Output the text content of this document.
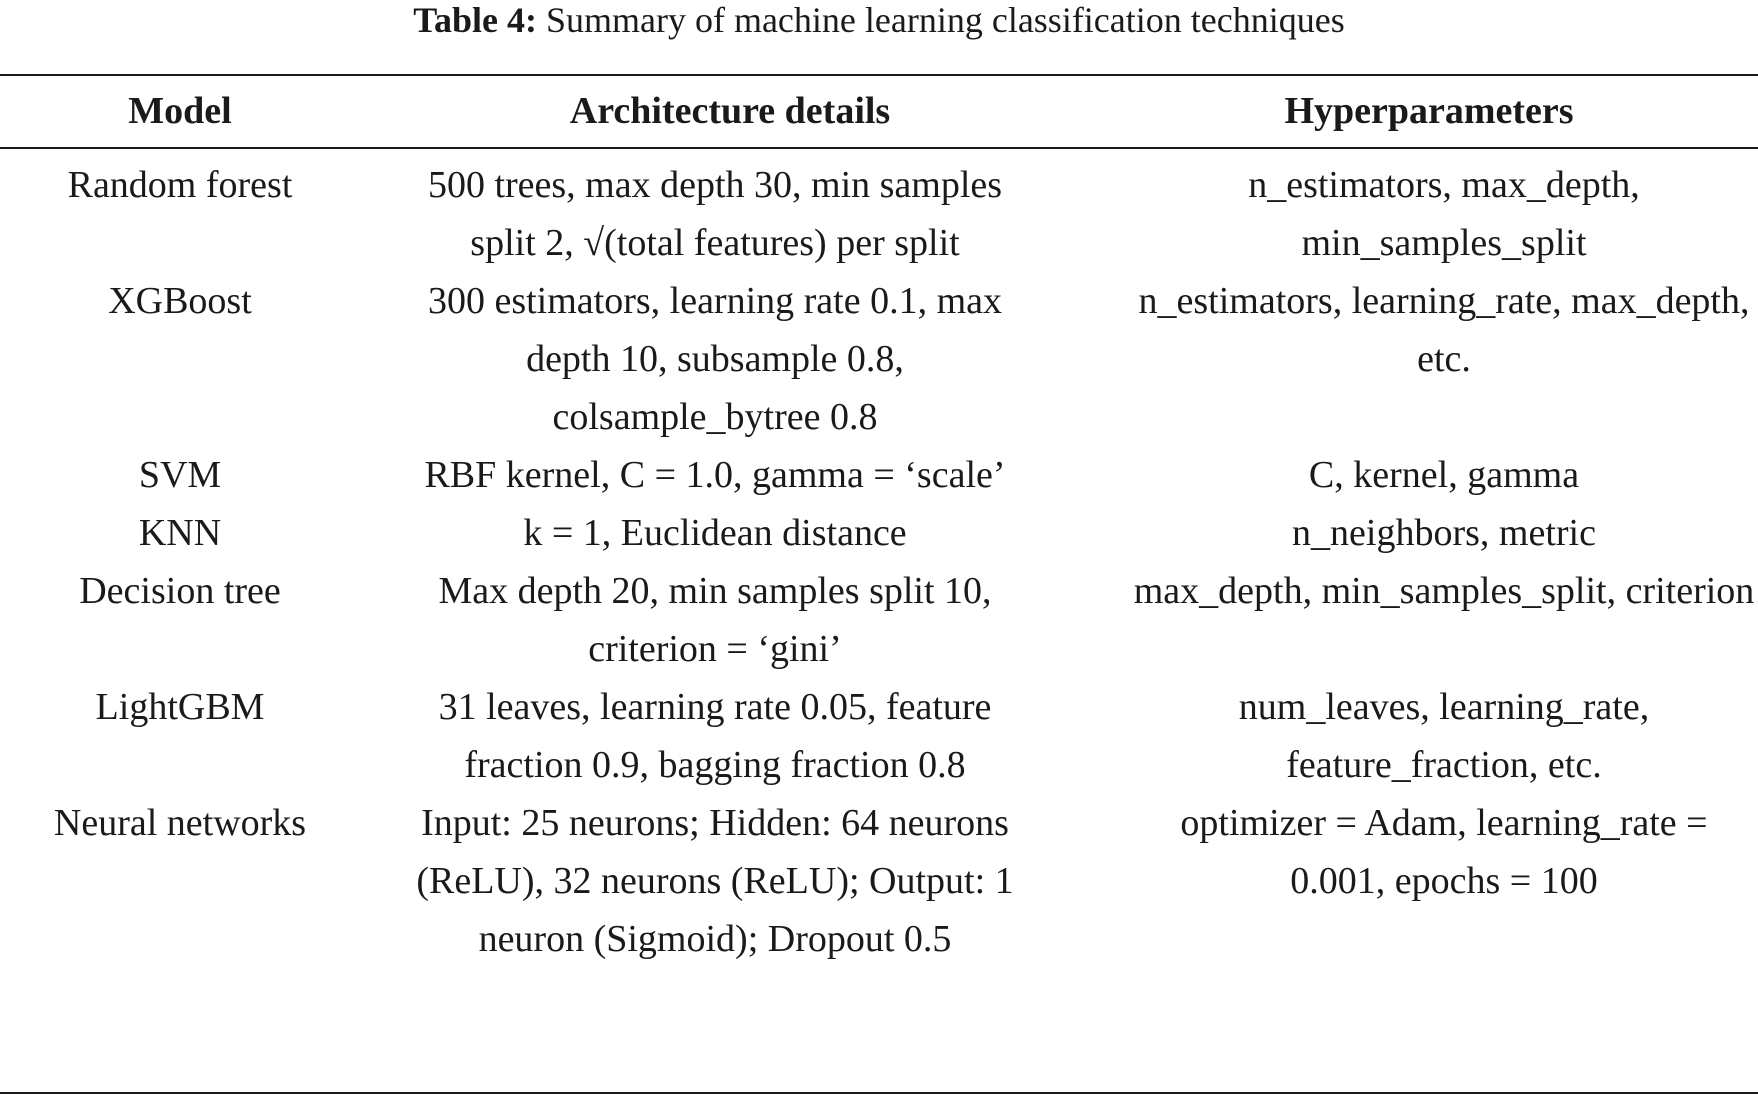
Table 4: Summary of machine learning classification techniques
Model	Architecture details	Hyperparameters
Random forest	500 trees, max depth 30, min samples split 2, √(total features) per split	n_estimators, max_depth, min_samples_split
XGBoost	300 estimators, learning rate 0.1, max depth 10, subsample 0.8, colsample_bytree 0.8	n_estimators, learning_rate, max_depth, etc.
SVM	RBF kernel, C = 1.0, gamma = ‘scale’	C, kernel, gamma
KNN	k = 1, Euclidean distance	n_neighbors, metric
Decision tree	Max depth 20, min samples split 10, criterion = ‘gini’	max_depth, min_samples_split, criterion
LightGBM	31 leaves, learning rate 0.05, feature fraction 0.9, bagging fraction 0.8	num_leaves, learning_rate, feature_fraction, etc.
Neural networks	Input: 25 neurons; Hidden: 64 neurons (ReLU), 32 neurons (ReLU); Output: 1 neuron (Sigmoid); Dropout 0.5	optimizer = Adam, learning_rate = 0.001, epochs = 100
